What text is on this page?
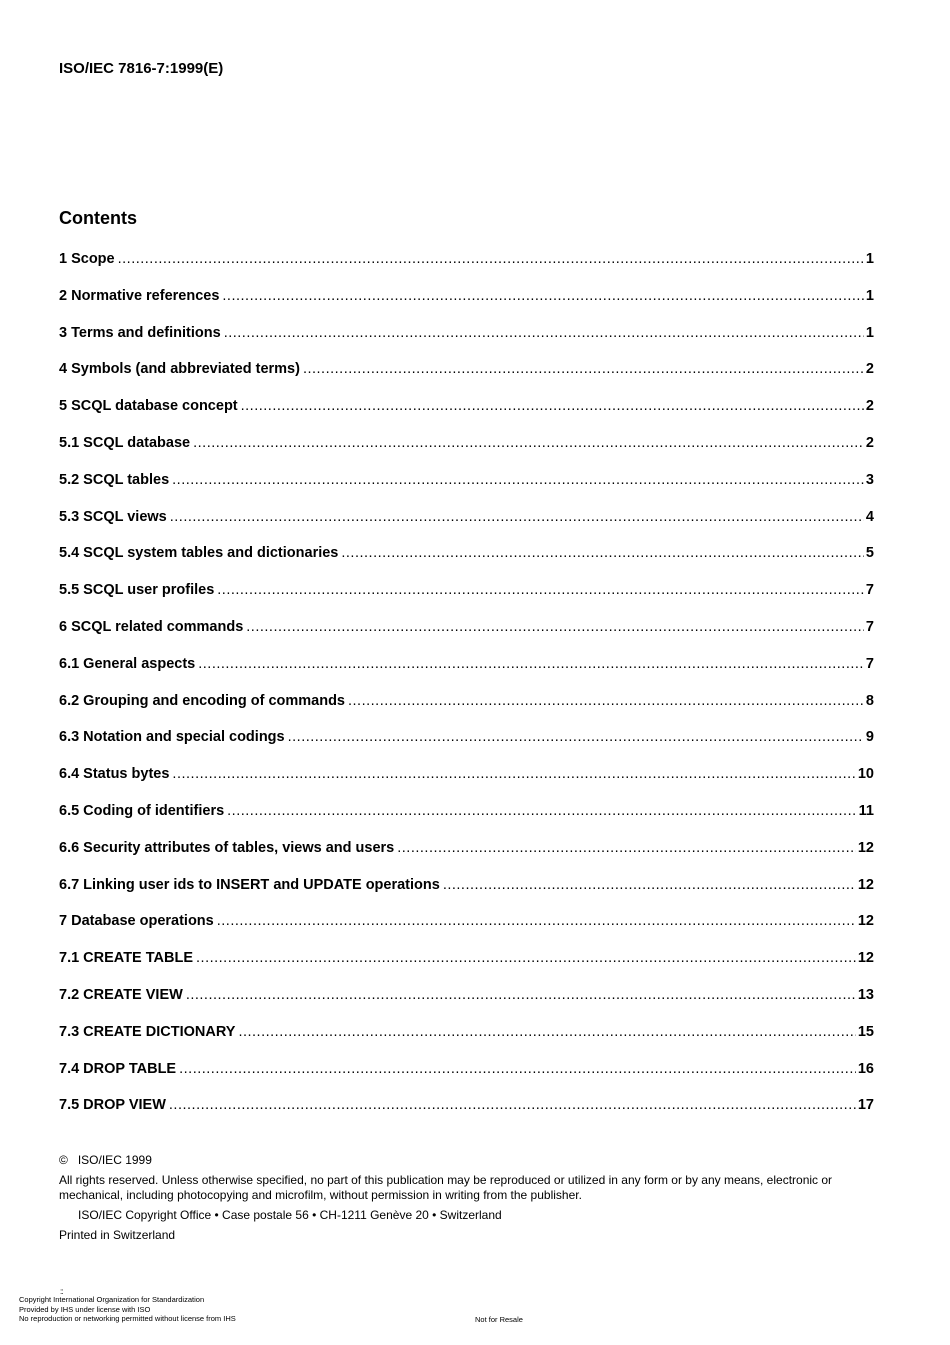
ISO/IEC 7816-7:1999(E)
Contents
1 Scope .....	1
2 Normative references .....	1
3 Terms and definitions .....	1
4 Symbols (and abbreviated terms) .....	2
5 SCQL database concept .....	2
5.1 SCQL database .....	2
5.2 SCQL tables .....	3
5.3 SCQL views .....	4
5.4 SCQL system tables and dictionaries .....	5
5.5 SCQL user profiles .....	7
6 SCQL related commands .....	7
6.1 General aspects .....	7
6.2 Grouping and encoding of commands .....	8
6.3 Notation and special codings .....	9
6.4 Status bytes .....	10
6.5 Coding of identifiers .....	11
6.6 Security attributes of tables, views and users .....	12
6.7 Linking user ids to INSERT and UPDATE operations .....	12
7 Database operations .....	12
7.1 CREATE TABLE .....	12
7.2 CREATE VIEW .....	13
7.3 CREATE DICTIONARY .....	15
7.4 DROP TABLE .....	16
7.5 DROP VIEW .....	17

© ISO/IEC 1999

All rights reserved. Unless otherwise specified, no part of this publication may be reproduced or utilized in any form or by any means, electronic or mechanical, including photocopying and microfilm, without permission in writing from the publisher.

ISO/IEC Copyright Office • Case postale 56 • CH-1211 Genève 20 • Switzerland

Printed in Switzerland

::
Copyright International Organization for Standardization
Provided by IHS under license with ISO
No reproduction or networking permitted without license from IHS	Not for Resale
